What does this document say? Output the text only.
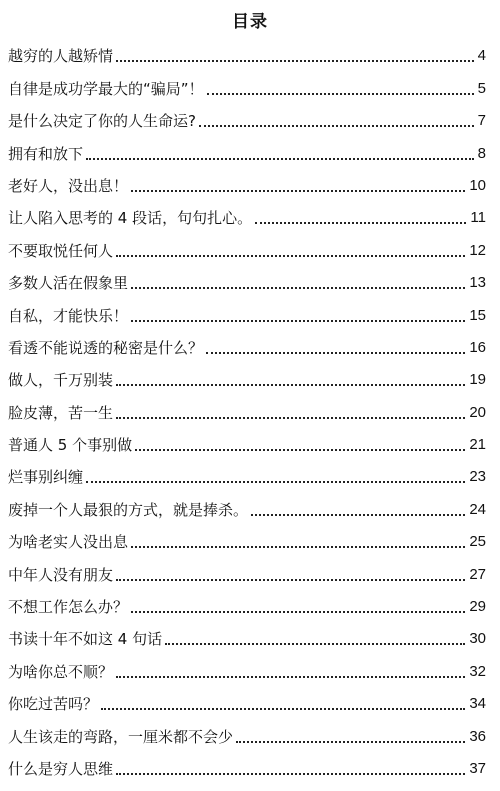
目录
越穷的人越矫情	4
自律是成功学最大的“骗局”！	5
是什么决定了你的人生命运?	7
拥有和放下	8
老好人，没出息！	10
让人陷入思考的 4 段话，句句扎心。	11
不要取悦任何人	12
多数人活在假象里	13
自私，才能快乐！	15
看透不能说透的秘密是什么？	16
做人，千万别装	19
脸皮薄，苦一生	20
普通人 5 个事别做	21
烂事别纠缠	23
废掉一个人最狠的方式，就是捧杀。	24
为啥老实人没出息	25
中年人没有朋友	27
不想工作怎么办？	29
书读十年不如这 4 句话	30
为啥你总不顺？	32
你吃过苦吗？	34
人生该走的弯路，一厘米都不会少	36
什么是穷人思维	37
